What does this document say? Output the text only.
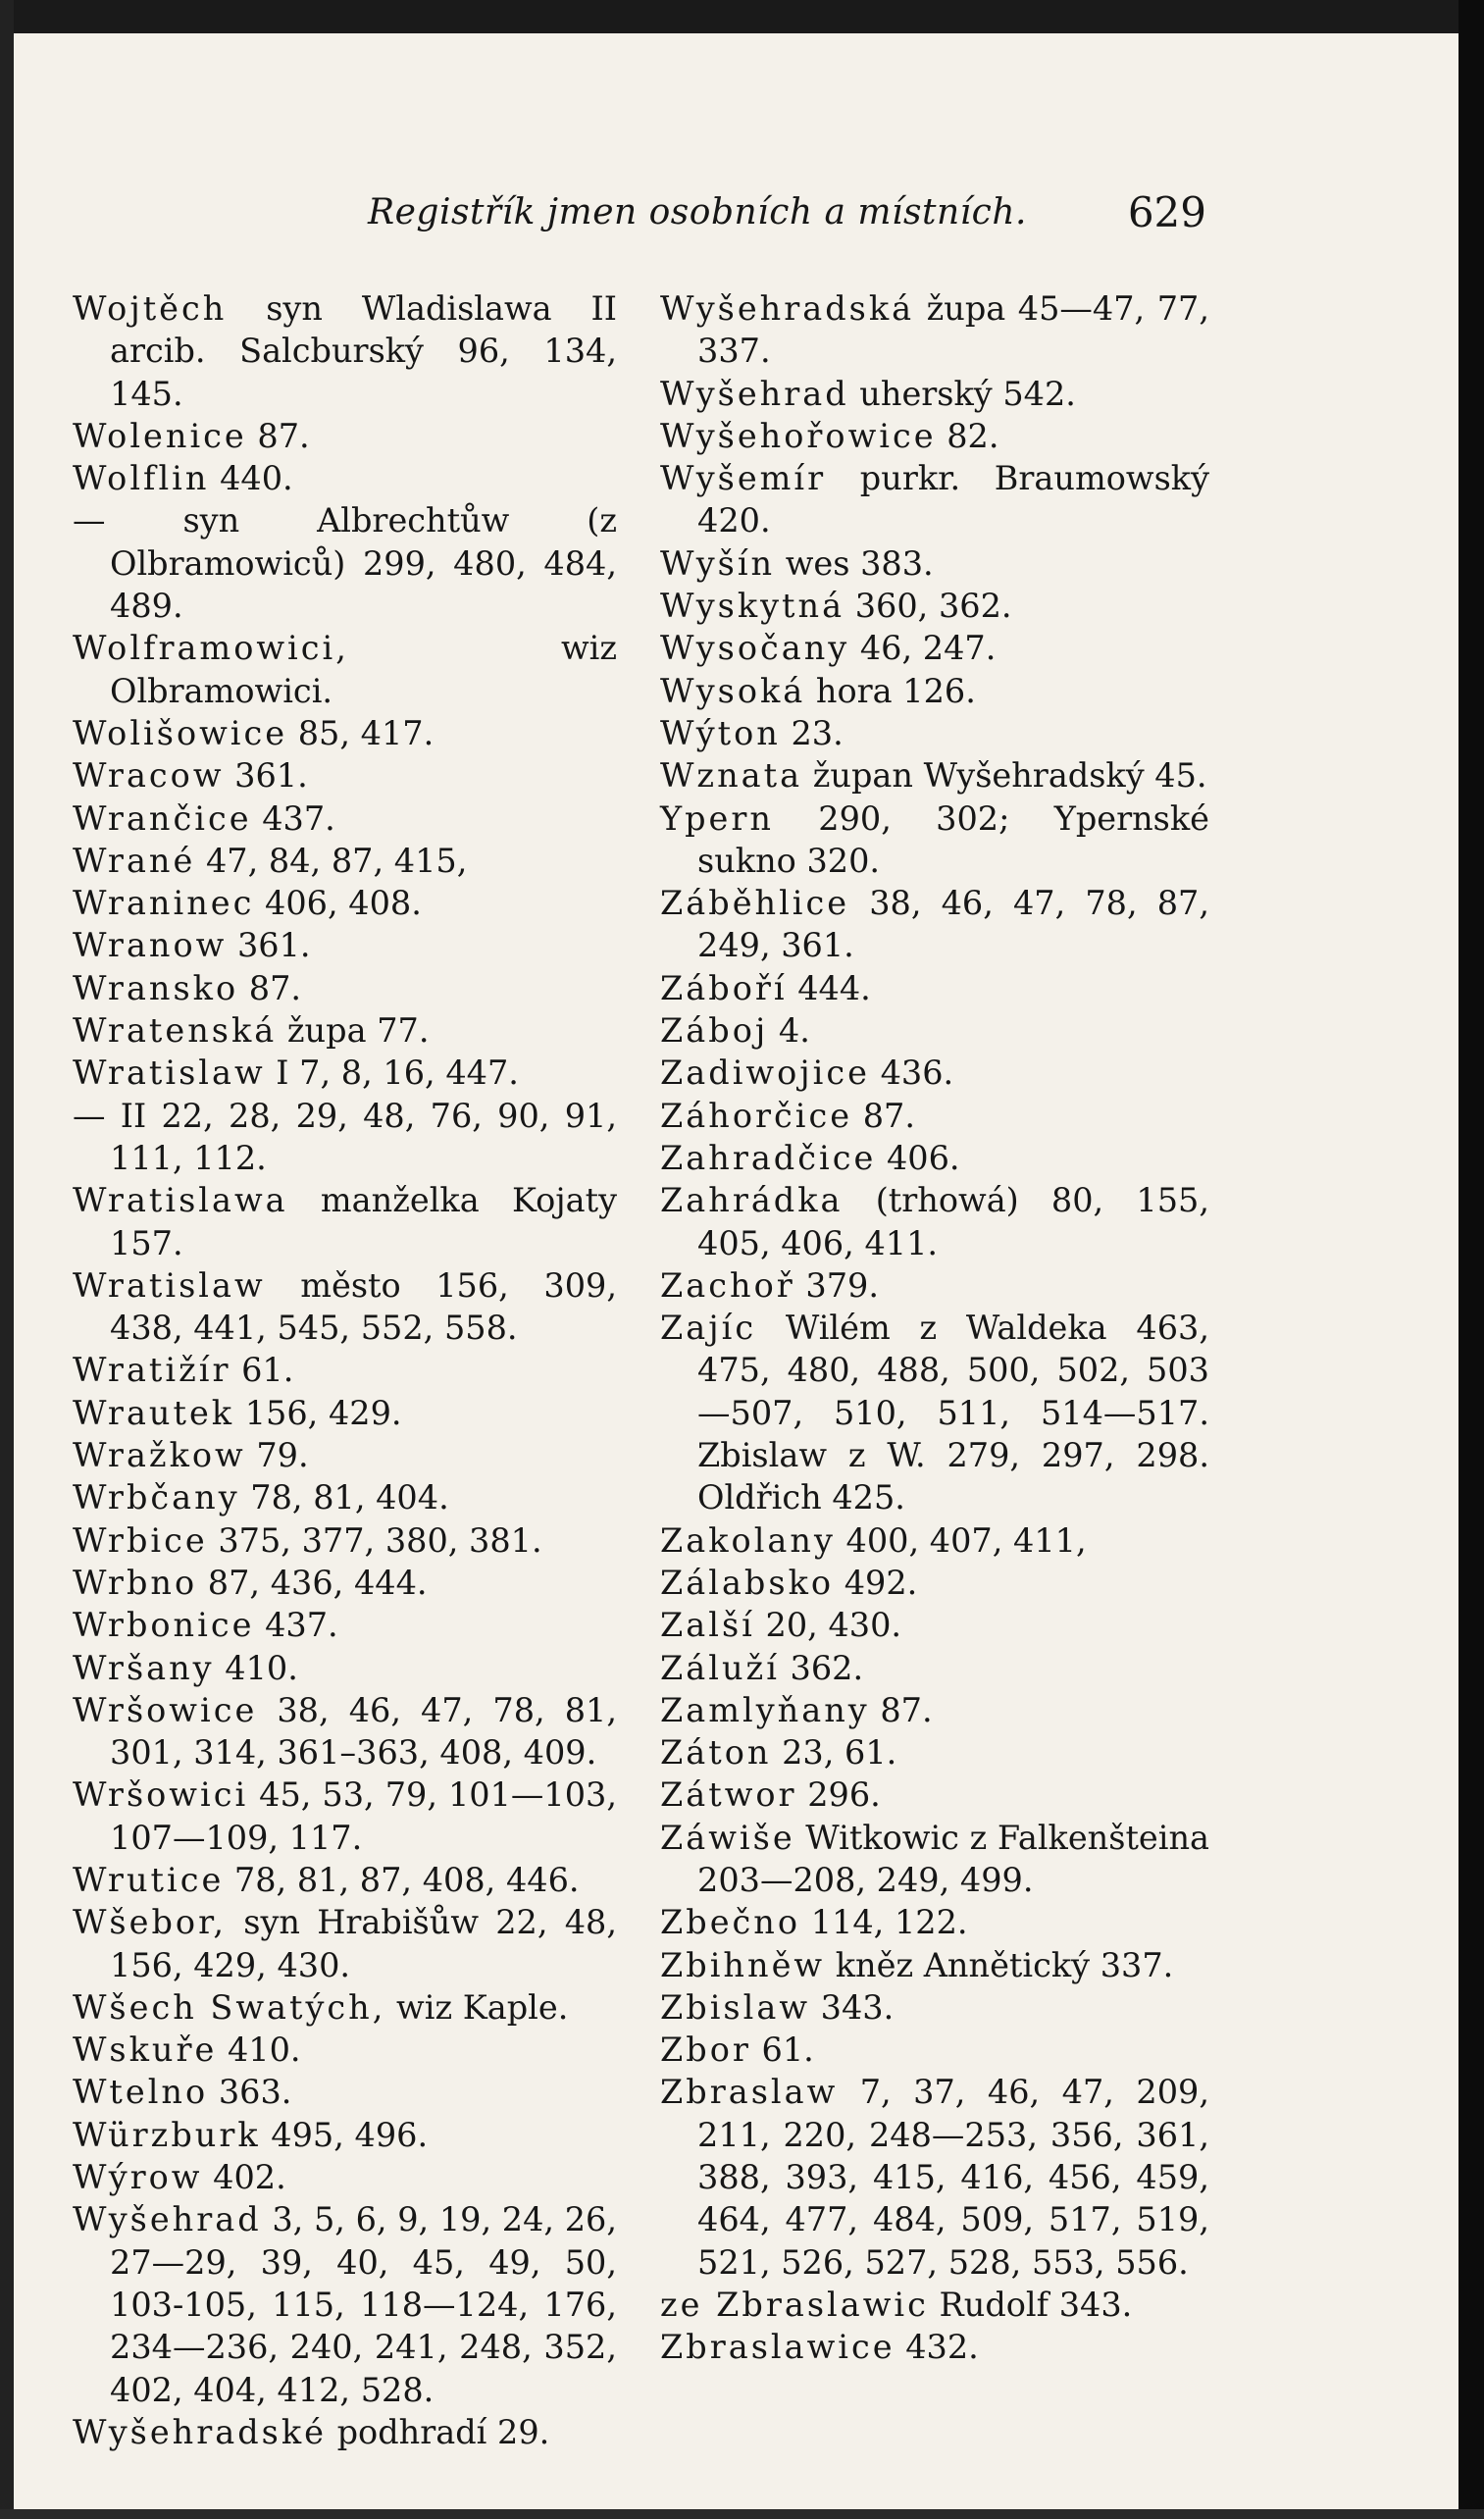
Registřík jmen osobních a místních. 629

Wojtěch syn Wladislawa II arcib. Salcburský 96, 134, 145.

Wolenice 87.

Wolflin 440.

— syn Albrechtůw (z Olbramowiců) 299, 480, 484, 489.

Wolframowici, wiz Olbramowici.

Wolišowice 85, 417.

Wracow 361.

Wrančice 437.

Wrané 47, 84, 87, 415,

Wraninec 406, 408.

Wranow 361.

Wransko 87.

Wratenská župa 77.

Wratislaw I 7, 8, 16, 447.

— II 22, 28, 29, 48, 76, 90, 91, 111, 112.

Wratislawa manželka Kojaty 157.

Wratislaw město 156, 309, 438, 441, 545, 552, 558.

Wratižír 61.

Wrautek 156, 429.

Wražkow 79.

Wrbčany 78, 81, 404.

Wrbice 375, 377, 380, 381.

Wrbno 87, 436, 444.

Wrbonice 437.

Wršany 410.

Wršowice 38, 46, 47, 78, 81, 301, 314, 361–363, 408, 409.

Wršowici 45, 53, 79, 101—103, 107—109, 117.

Wrutice 78, 81, 87, 408, 446.

Wšebor, syn Hrabišůw 22, 48, 156, 429, 430.

Wšech Swatých, wiz Kaple.

Wskuře 410.

Wtelno 363.

Würzburk 495, 496.

Wýrow 402.

Wyšehrad 3, 5, 6, 9, 19, 24, 26, 27—29, 39, 40, 45, 49, 50, 103-105, 115, 118—124, 176, 234—236, 240, 241, 248, 352, 402, 404, 412, 528.

Wyšehradské podhradí 29.

Wyšehradská župa 45—47, 77, 337.

Wyšehrad uherský 542.

Wyšehořowice 82.

Wyšemír purkr. Braumowský 420.

Wyšín wes 383.

Wyskytná 360, 362.

Wysočany 46, 247.

Wysoká hora 126.

Wýton 23.

Wznata župan Wyšehradský 45.

Ypern 290, 302; Ypernské sukno 320.

Záběhlice 38, 46, 47, 78, 87, 249, 361.

Záboří 444.

Záboj 4.

Zadiwojice 436.

Záhorčice 87.

Zahradčice 406.

Zahrádka (trhowá) 80, 155, 405, 406, 411.

Zachoř 379.

Zajíc Wilém z Waldeka 463, 475, 480, 488, 500, 502, 503—507, 510, 511, 514—517. Zbislaw z W. 279, 297, 298. Oldřich 425.

Zakolany 400, 407, 411,

Zálabsko 492.

Zalší 20, 430.

Záluží 362.

Zamlyňany 87.

Záton 23, 61.

Zátwor 296.

Záwiše Witkowic z Falkenšteina 203—208, 249, 499.

Zbečno 114, 122.

Zbihněw kněz Annětický 337.

Zbislaw 343.

Zbor 61.

Zbraslaw 7, 37, 46, 47, 209, 211, 220, 248—253, 356, 361, 388, 393, 415, 416, 456, 459, 464, 477, 484, 509, 517, 519, 521, 526, 527, 528, 553, 556.

ze Zbraslawic Rudolf 343.

Zbraslawice 432.
